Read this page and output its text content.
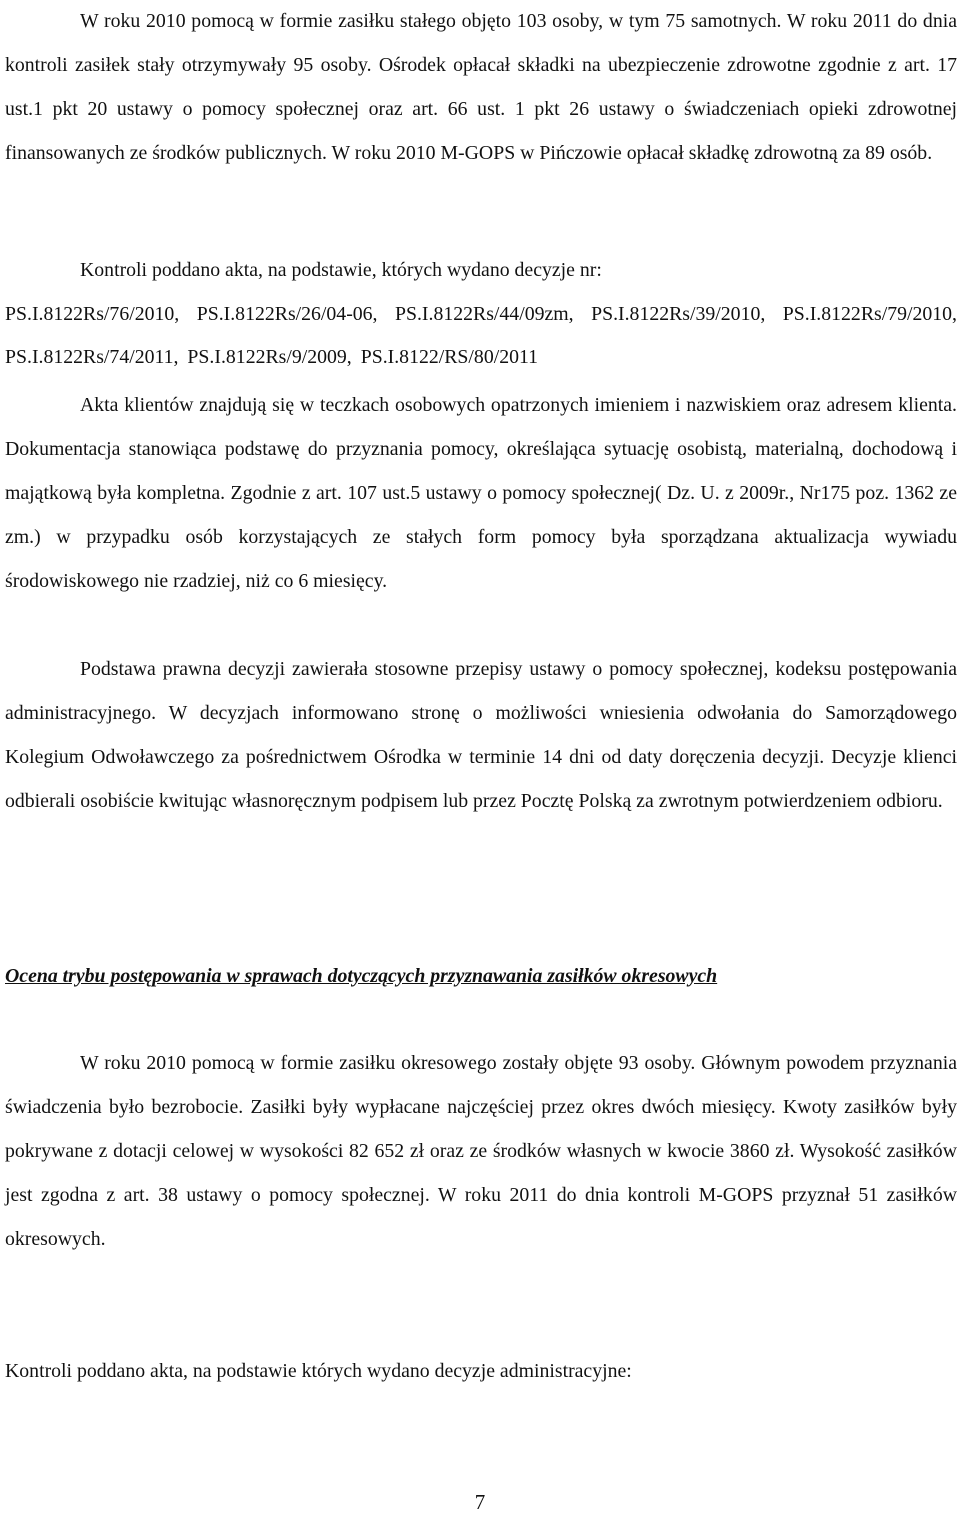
W roku 2010 pomocą w formie zasiłku stałego objęto 103 osoby, w tym 75 samotnych. W roku 2011 do dnia kontroli zasiłek stały otrzymywały 95 osoby. Ośrodek opłacał składki na ubezpieczenie zdrowotne zgodnie z art. 17 ust.1 pkt 20 ustawy o pomocy społecznej oraz art. 66 ust. 1 pkt 26 ustawy o świadczeniach opieki zdrowotnej finansowanych ze środków publicznych. W roku 2010 M-GOPS w Pińczowie opłacał składkę zdrowotną za 89 osób.

Kontroli poddano akta, na podstawie, których wydano decyzje nr:

PS.I.8122Rs/76/2010, PS.I.8122Rs/26/04-06, PS.I.8122Rs/44/09zm, PS.I.8122Rs/39/2010, PS.I.8122Rs/79/2010, PS.I.8122Rs/74/2011, PS.I.8122Rs/9/2009, PS.I.8122/RS/80/2011

Akta klientów znajdują się w teczkach osobowych opatrzonych imieniem i nazwiskiem oraz adresem klienta. Dokumentacja stanowiąca podstawę do przyznania pomocy, określająca sytuację osobistą, materialną, dochodową i majątkową była kompletna. Zgodnie z art. 107 ust.5 ustawy o pomocy społecznej( Dz. U. z 2009r., Nr175 poz. 1362 ze zm.) w przypadku osób korzystających ze stałych form pomocy była sporządzana aktualizacja wywiadu środowiskowego nie rzadziej, niż co 6 miesięcy.

Podstawa prawna decyzji zawierała stosowne przepisy ustawy o pomocy społecznej, kodeksu postępowania administracyjnego. W decyzjach informowano stronę o możliwości wniesienia odwołania do Samorządowego Kolegium Odwoławczego za pośrednictwem Ośrodka w terminie 14 dni od daty doręczenia decyzji. Decyzje klienci odbierali osobiście kwitując własnoręcznym podpisem lub przez Pocztę Polską za zwrotnym potwierdzeniem odbioru.

Ocena trybu postępowania w sprawach dotyczących przyznawania zasiłków okresowych

W roku 2010 pomocą w formie zasiłku okresowego zostały objęte 93 osoby. Głównym powodem przyznania świadczenia było bezrobocie. Zasiłki były wypłacane najczęściej przez okres dwóch miesięcy. Kwoty zasiłków były pokrywane z dotacji celowej w wysokości 82 652 zł oraz ze środków własnych w kwocie 3860 zł. Wysokość zasiłków jest zgodna z art. 38 ustawy o pomocy społecznej. W roku 2011 do dnia kontroli M-GOPS przyznał 51 zasiłków okresowych.

Kontroli poddano akta, na podstawie których wydano decyzje administracyjne:

7
